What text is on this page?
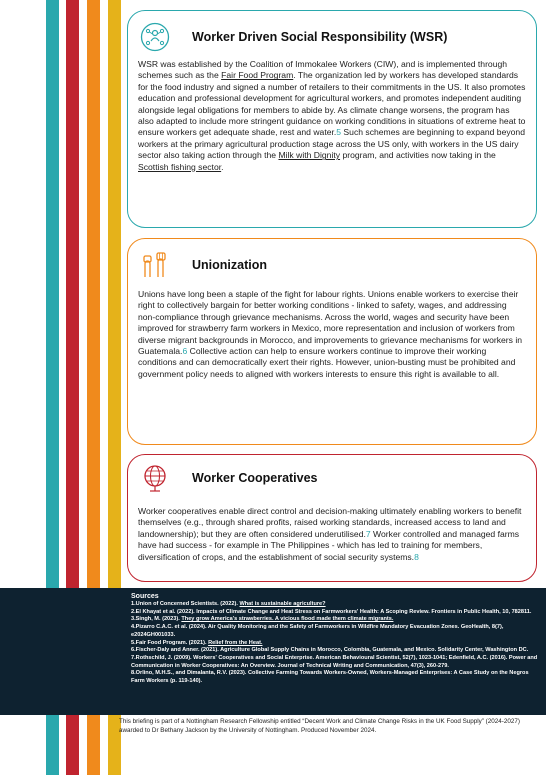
Worker Driven Social Responsibility (WSR)

WSR was established by the Coalition of Immokalee Workers (CIW), and is implemented through schemes such as the Fair Food Program. The organization led by workers has developed standards for the food industry and signed a number of retailers to their commitments in the US. It also promotes education and professional development for agricultural workers, and promotes independent auditing alongside legal obligations for members to abide by. As climate change worsens, the program has also adapted to include more stringent guidance on working conditions in situations of extreme heat to ensure workers get adequate shade, rest and water.5 Such schemes are beginning to expand beyond workers at the primary agricultural production stage across the US only, with workers in the US dairy sector also taking action through the Milk with Dignity program, and activities now taking in the Scottish fishing sector.

Unionization

Unions have long been a staple of the fight for labour rights. Unions enable workers to exercise their right to collectively bargain for better working conditions - linked to safety, wages, and addressing non-compliance through grievance mechanisms. Across the world, wages and security have been improved for strawberry farm workers in Mexico, more representation and inclusion of workers from diverse migrant backgrounds in Morocco, and improvements to grievance mechanisms for workers in Guatemala.6 Collective action can help to ensure workers continue to improve their working conditions and can democratically exert their rights. However, union-busting must be prohibited and government policy needs to aligned with workers interests to ensure this right is available to all.

Worker Cooperatives

Worker cooperatives enable direct control and decision-making ultimately enabling workers to benefit themselves (e.g., through shared profits, raised working standards, increased access to land and landownership); but they are often considered underutilised.7 Worker controlled and managed farms have had success - for example in The Philippines - which has led to training for members, diversification of crops, and the establishment of social security systems.8

Sources
1.Union of Concerned Scientists. (2022). What is sustainable agriculture?
2.El Khayat et al. (2022). Impacts of Climate Change and Heat Stress on Farmworkers' Health: A Scoping Review. Frontiers in Public Health, 10, 782811.
3.Singh, M. (2023). They grow America's strawberries. A vicious flood made them climate migrants.
4.Pizarro C.A.C. et al. (2024). Air Quality Monitoring and the Safety of Farmworkers in Wildfire Mandatory Evacuation Zones. GeoHealth, 8(7), e2024GH001033.
5.Fair Food Program. (2021). Relief from the Heat.
6.Fischer-Daly and Anner. (2021). Agriculture Global Supply Chains in Morocco, Colombia, Guatemala, and Mexico. Solidarity Center, Washington DC.
7.Rothschild, J. (2009). Workers' Cooperatives and Social Enterprise. American Behavioural Scientist, 52(7), 1023-1041; Edenfield, A.C. (2016). Power and Communication in Worker Cooperatives: An Overview. Journal of Technical Writing and Communication, 47(3), 260-279.
8.Orlino, M.H.S., and Dimalanta, R.V. (2023). Collective Farming Towards Workers-Owned, Workers-Managed Enterprises: A Case Study on the Negros Farm Workers (p. 119-140).
This briefing is part of a Nottingham Research Fellowship entitled “Decent Work and Climate Change Risks in the UK Food Supply” (2024-2027) awarded to Dr Bethany Jackson by the University of Nottingham. Produced November 2024.
